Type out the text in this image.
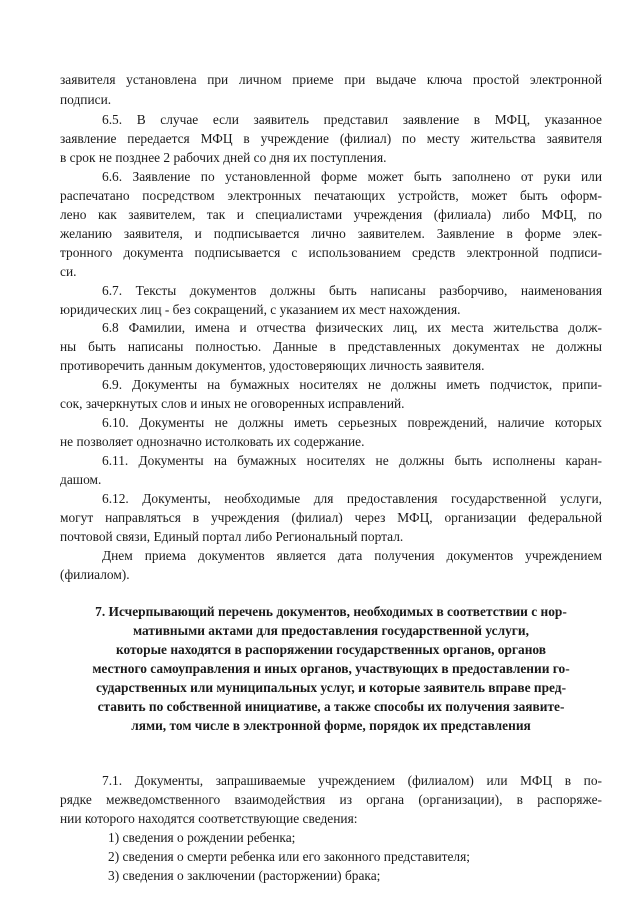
заявителя установлена при личном приеме при выдаче ключа простой электронной
подписи.
6.5. В случае если заявитель представил заявление в МФЦ, указанное
заявление передается МФЦ в учреждение (филиал) по месту жительства заявителя
в срок не позднее 2 рабочих дней со дня их поступления.
6.6. Заявление по установленной форме может быть заполнено от руки или
распечатано посредством электронных печатающих устройств, может быть оформ-
лено как заявителем, так и специалистами учреждения (филиала) либо МФЦ, по
желанию заявителя, и подписывается лично заявителем. Заявление в форме элек-
тронного документа подписывается с использованием средств электронной подписи-
си.
6.7. Тексты документов должны быть написаны разборчиво, наименования
юридических лиц - без сокращений, с указанием их мест нахождения.
6.8 Фамилии, имена и отчества физических лиц, их места жительства долж-
ны быть написаны полностью. Данные в представленных документах не должны
противоречить данным документов, удостоверяющих личность заявителя.
6.9. Документы на бумажных носителях не должны иметь подчисток, припи-
сок, зачеркнутых слов и иных не оговоренных исправлений.
6.10. Документы не должны иметь серьезных повреждений, наличие которых
не позволяет однозначно истолковать их содержание.
6.11. Документы на бумажных носителях не должны быть исполнены каран-
дашом.
6.12. Документы, необходимые для предоставления государственной услуги,
могут направляться в учреждения (филиал) через МФЦ, организации федеральной
почтовой связи, Единый портал либо Региональный портал.
Днем приема документов является дата получения документов учреждением
(филиалом).
7. Исчерпывающий перечень документов, необходимых в соответствии с нор-
мативными актами для предоставления государственной услуги,
которые находятся в распоряжении государственных органов, органов
местного самоуправления и иных органов, участвующих в предоставлении го-
сударственных или муниципальных услуг, и которые заявитель вправе пред-
ставить по собственной инициативе, а также способы их получения заявите-
лями, том числе в электронной форме, порядок их представления
7.1. Документы, запрашиваемые учреждением (филиалом) или МФЦ в по-
рядке межведомственного взаимодействия из органа (организации), в распоряже-
нии которого находятся соответствующие сведения:
1) сведения о рождении ребенка;
2) сведения о смерти ребенка или его законного представителя;
3) сведения о заключении (расторжении) брака;
